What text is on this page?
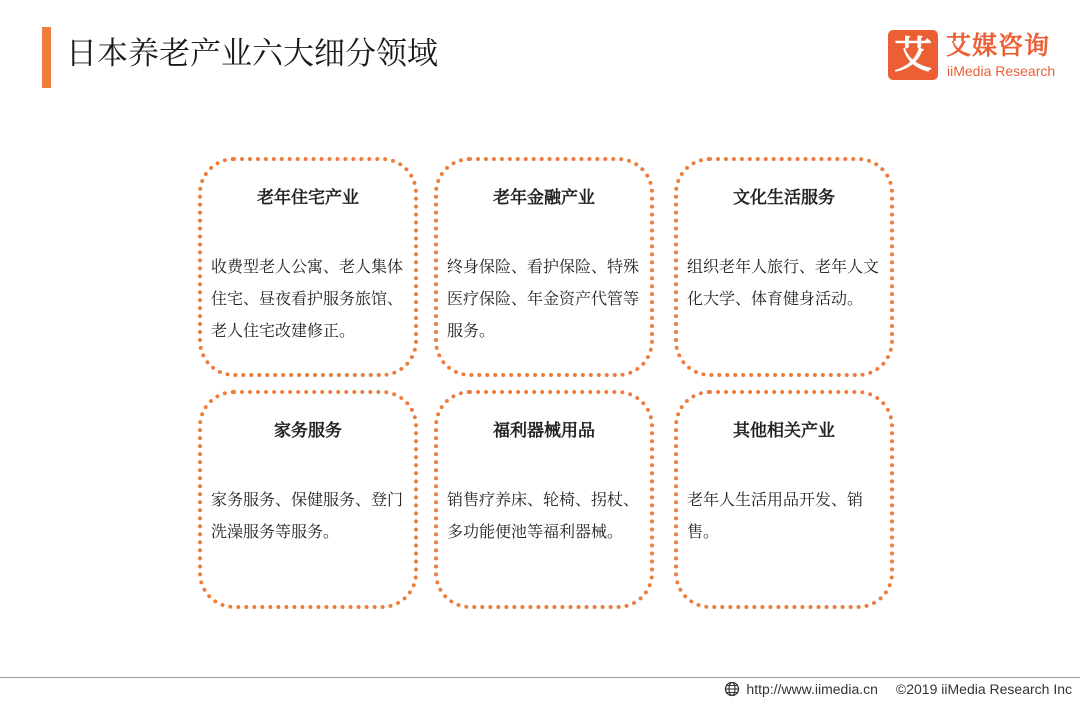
日本养老产业六大细分领域	艾 艾媒咨询
iiMedia Research
老年住宅产业
收费型老人公寓、老人集体住宅、昼夜看护服务旅馆、老人住宅改建修正。
老年金融产业
终身保险、看护保险、特殊医疗保险、年金资产代管等服务。
文化生活服务
组织老年人旅行、老年人文化大学、体育健身活动。
家务服务
家务服务、保健服务、登门洗澡服务等服务。
福利器械用品
销售疗养床、轮椅、拐杖、多功能便池等福利器械。
其他相关产业
老年人生活用品开发、销售。
http://www.iimedia.cn ©2019 iiMedia Research Inc
